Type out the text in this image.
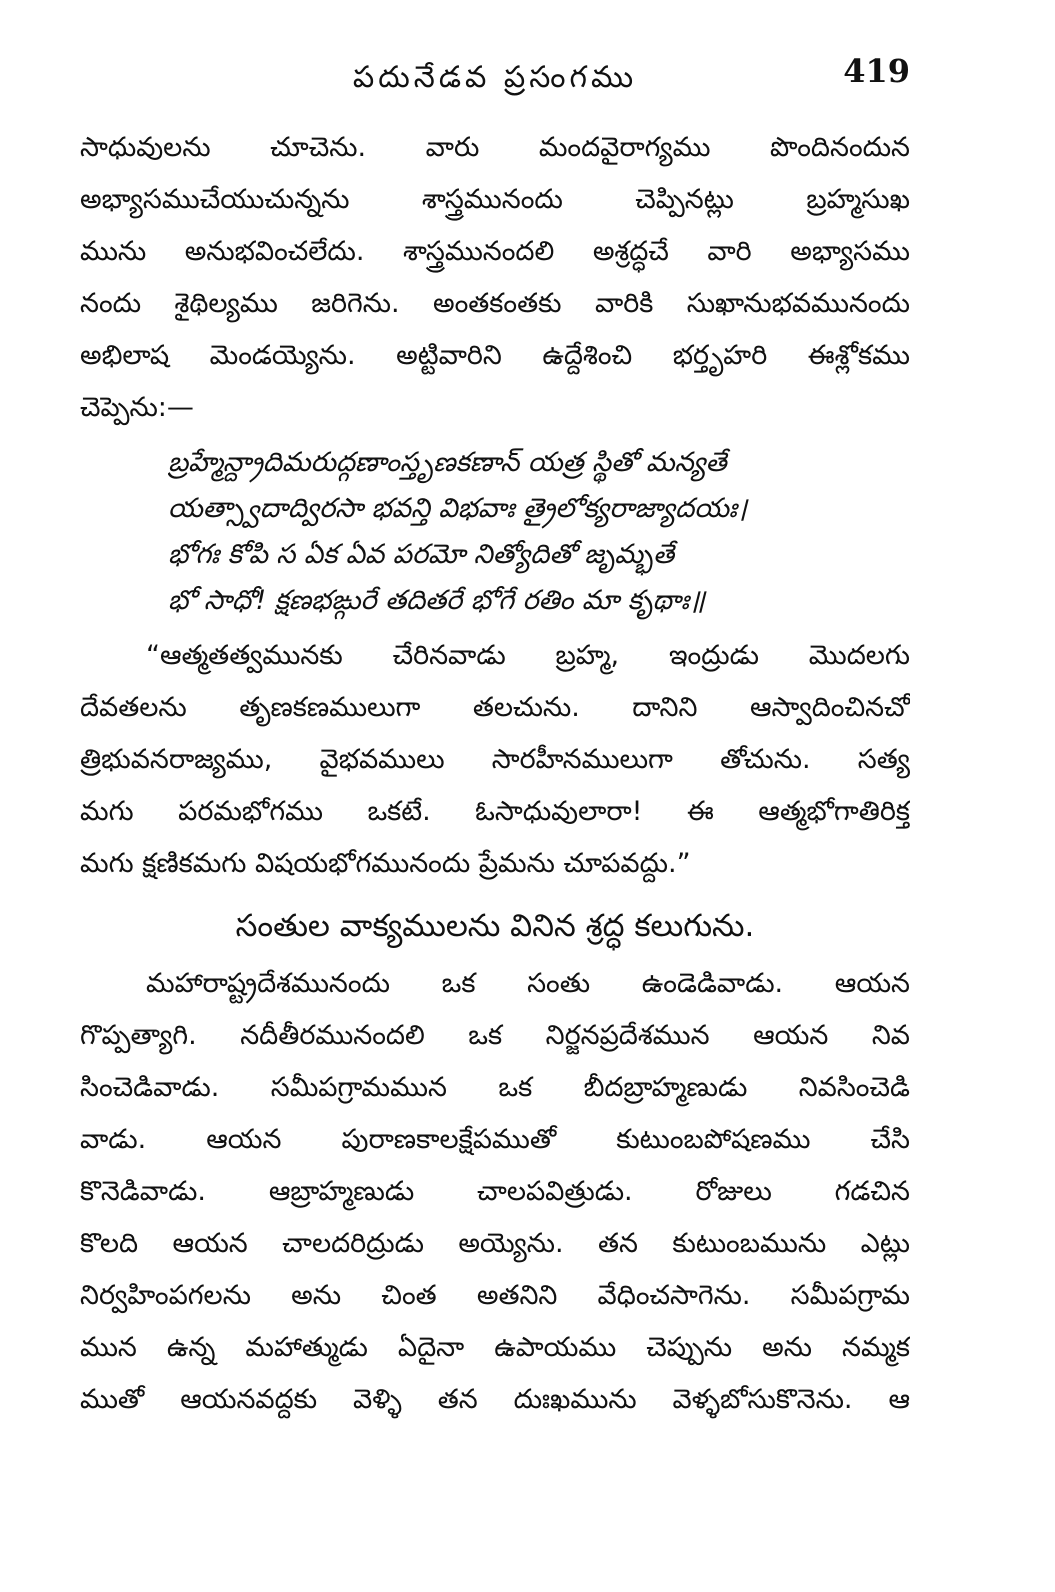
పదునేడవ ప్రసంగము	419
సాధువులను చూచెను. వారు మందవైరాగ్యము పొందినందున
అభ్యాసముచేయుచున్నను శాస్త్రమునందు చెప్పినట్లు బ్రహ్మసుఖ
మును అనుభవించలేదు. శాస్త్రమునందలి అశ్రద్ధచే వారి అభ్యాసము
నందు శైథిల్యము జరిగెను. అంతకంతకు వారికి సుఖానుభవమునందు
అభిలాష మెండయ్యెను. అట్టివారిని ఉద్దేశించి భర్తృహరి ఈశ్లోకము
చెప్పెను:—
బ్రహ్మేన్ద్రాదిమరుద్గణాంస్తృణకణాన్ యత్ర స్థితో మన్యతే
యత్స్వాదాద్విరసా భవన్తి విభవాః త్రైలోక్యరాజ్యాదయః।
భోగః కోపి స ఏక ఏవ పరమో నిత్యోదితో జృమ్భతే
భో సాధో! క్షణభఙ్గురే తదితరే భోగే రతిం మా కృథాః॥
“ఆత్మతత్వమునకు చేరినవాడు బ్రహ్మ, ఇంద్రుడు మొదలగు
దేవతలను తృణకణములుగా తలచును. దానిని ఆస్వాదించినచో
త్రిభువనరాజ్యము, వైభవములు సారహీనములుగా తోచును. సత్య
మగు పరమభోగము ఒకటే. ఓసాధువులారా! ఈ ఆత్మభోగాతిరిక్త
మగు క్షణికమగు విషయభోగమునందు ప్రేమను చూపవద్దు.”
సంతుల వాక్యములను వినిన శ్రద్ధ కలుగును.
మహారాష్ట్రదేశమునందు ఒక సంతు ఉండెడివాడు. ఆయన
గొప్పత్యాగి. నదీతీరమునందలి ఒక నిర్జనప్రదేశమున ఆయన నివ
సించెడివాడు. సమీపగ్రామమున ఒక బీదబ్రాహ్మణుడు నివసించెడి
వాడు. ఆయన పురాణకాలక్షేపముతో కుటుంబపోషణము చేసి
కొనెడివాడు. ఆబ్రాహ్మణుడు చాలపవిత్రుడు. రోజులు గడచిన
కొలది ఆయన చాలదరిద్రుడు అయ్యెను. తన కుటుంబమును ఎట్లు
నిర్వహింపగలను అను చింత అతనిని వేధించసాగెను. సమీపగ్రామ
మున ఉన్న మహాత్ముడు ఏదైనా ఉపాయము చెప్పును అను నమ్మక
ముతో ఆయనవద్దకు వెళ్ళి తన దుఃఖమును వెళ్ళబోసుకొనెను. ఆ
